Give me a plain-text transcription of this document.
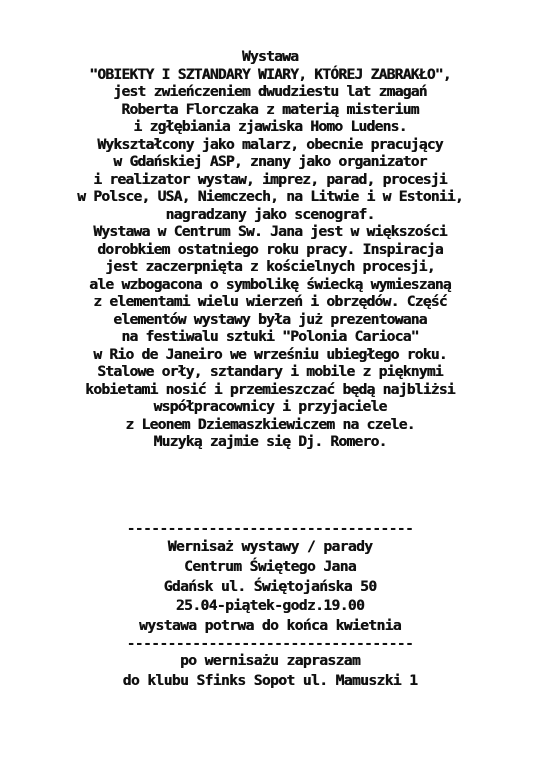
Wystawa
"OBIEKTY I SZTANDARY WIARY, KTÓREJ ZABRAKŁO",
jest zwieńczeniem dwudziestu lat zmagań
Roberta Florczaka z materią misterium
i zgłębiania zjawiska Homo Ludens.
Wykształcony jako malarz, obecnie pracujący
w Gdańskiej ASP, znany jako organizator
i realizator wystaw, imprez, parad, procesji
w Polsce, USA, Niemczech, na Litwie i w Estonii,
nagradzany jako scenograf.
Wystawa w Centrum Sw. Jana jest w większości
dorobkiem ostatniego roku pracy. Inspiracja
jest zaczerpnięta z kościelnych procesji,
ale wzbogacona o symbolikę świecką wymieszaną
z elementami wielu wierzeń i obrzędów. Część
elementów wystawy była już prezentowana
na festiwalu sztuki "Polonia Carioca"
w Rio de Janeiro we wrześniu ubiegłego roku.
Stalowe orły, sztandary i mobile z pięknymi
kobietami nosić i przemieszczać będą najbliżsi
współpracownicy i przyjaciele
z Leonem Dziemaszkiewiczem na czele.
Muzyką zajmie się Dj. Romero.
-----------------------------------
Wernisaż wystawy / parady
Centrum Świętego Jana
Gdańsk ul. Świętojańska 50
25.04-piątek-godz.19.00
wystawa potrwa do końca kwietnia
-----------------------------------
po wernisażu zapraszam
do klubu Sfinks Sopot ul. Mamuszki 1
